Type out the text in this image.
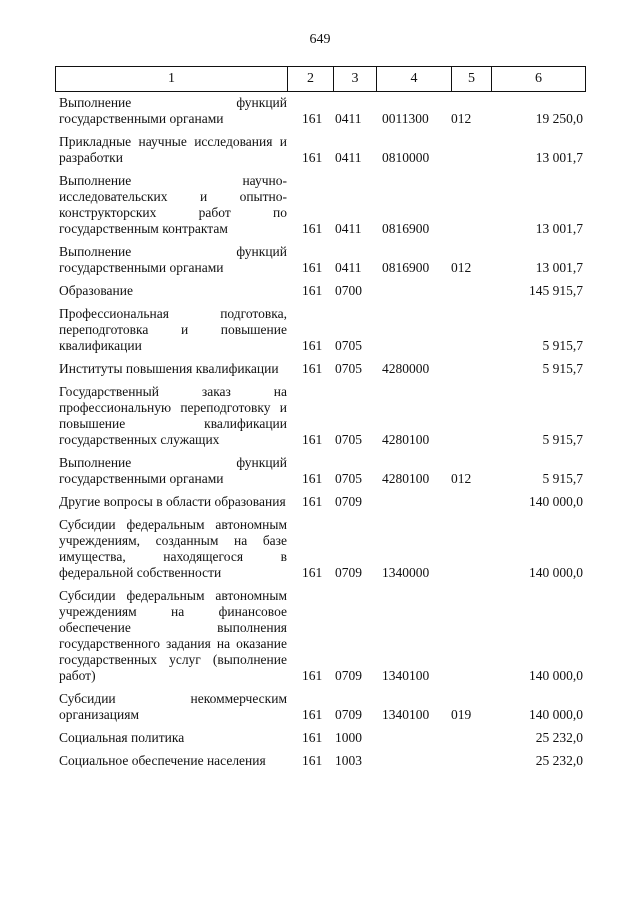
649
1	2	3	4	5	6
Выполнение функций государственными органами	161 0411	0011300	012	19 250,0
Прикладные научные исследования и разработки	161 0411	0810000	13 001,7
Выполнение научно-исследовательских и опытно-конструкторских работ по государственным контрактам	161 0411	0816900	13 001,7
Выполнение функций государственными органами	161 0411	0816900	012	13 001,7
Образование	161 0700	145 915,7
Профессиональная подготовка, переподготовка и повышение квалификации	161 0705	5 915,7
Институты повышения квалификации	161 0705	4280000	5 915,7
Государственный заказ на профессиональную переподготовку и повышение квалификации государственных служащих	161 0705	4280100	5 915,7
Выполнение функций государственными органами	161 0705	4280100	012	5 915,7
Другие вопросы в области образования	161 0709	140 000,0
Субсидии федеральным автономным учреждениям, созданным на базе имущества, находящегося в федеральной собственности	161 0709	1340000	140 000,0
Субсидии федеральным автономным учреждениям на финансовое обеспечение выполнения государственного задания на оказание государственных услуг (выполнение работ)	161 0709	1340100	140 000,0
Субсидии некоммерческим организациям	161 0709	1340100	019	140 000,0
Социальная политика	161 1000	25 232,0
Социальное обеспечение населения	161 1003	25 232,0
